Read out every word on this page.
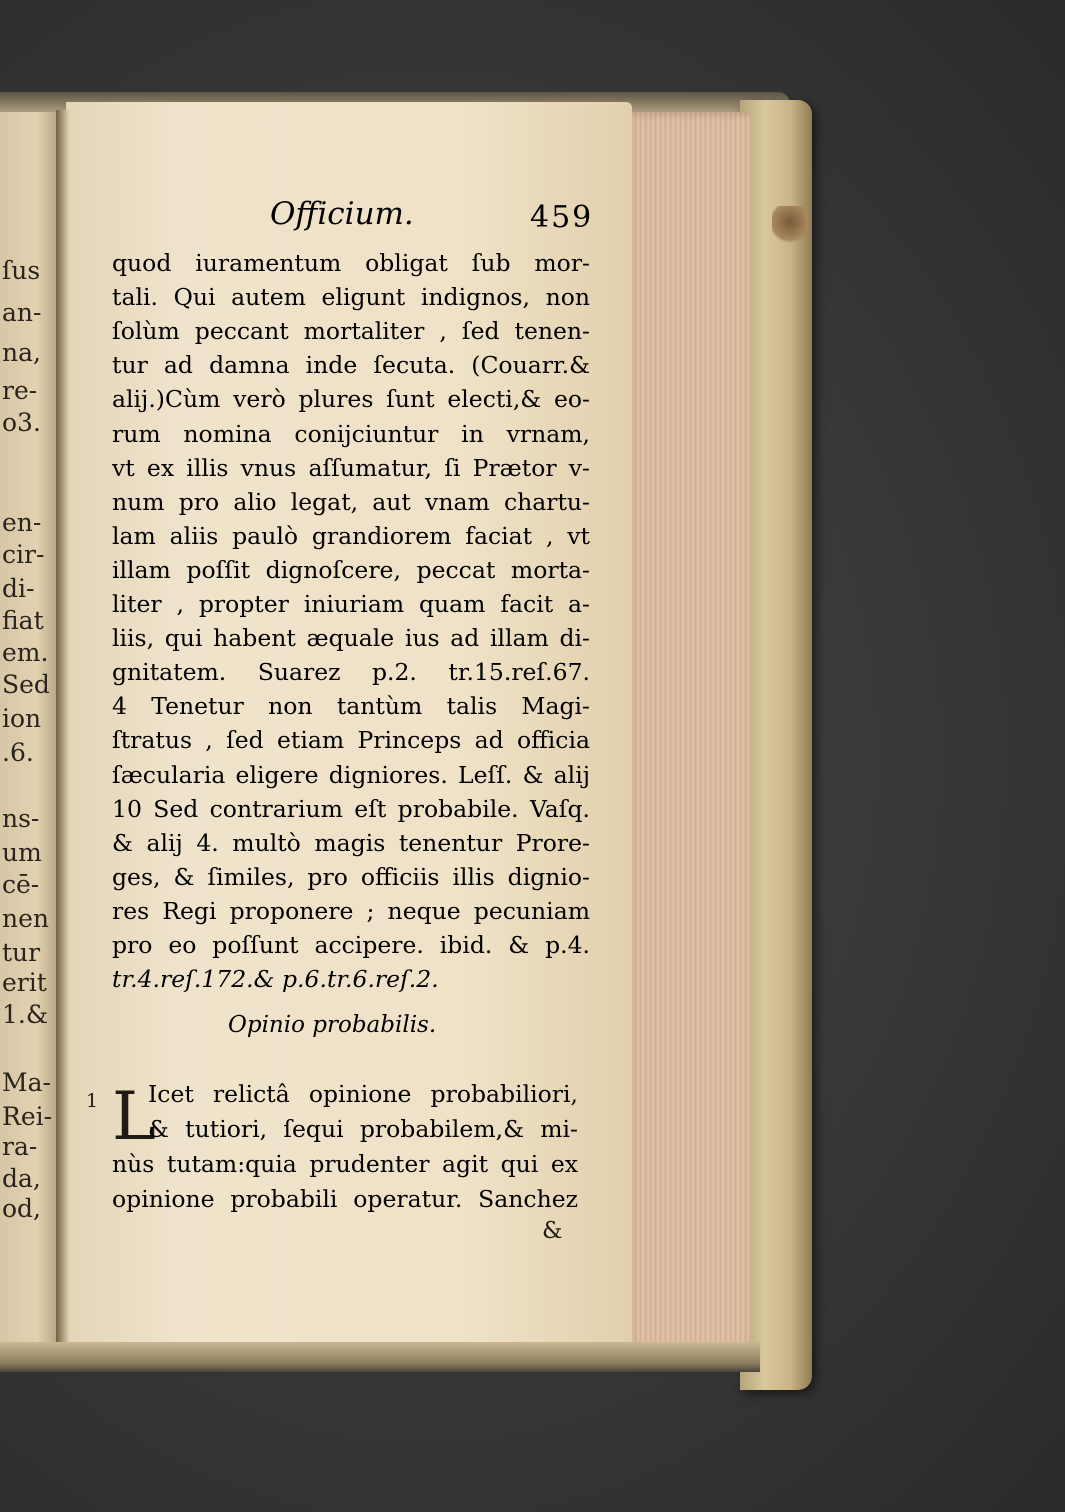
ſus
an-
na,
re-
o3.
en-
cir-
di-
fiat
em.
Sed
ion
.6.
ns-
um
cē-
nen
tur
erit
1.&
Ma-
Rei-
ra-
da,
od,
Officium.	459
quod iuramentum obligat ſub mor-
tali. Qui autem eligunt indignos, non
ſolùm peccant mortaliter , ſed tenen-
tur ad damna inde ſecuta. (Couarr.&
alij.)Cùm verò plures ſunt electi,& eo-
rum nomina conijciuntur in vrnam,
vt ex illis vnus aſſumatur, ſi Prætor v-
num pro alio legat, aut vnam chartu-
lam aliis paulò grandiorem faciat , vt
illam poſſit dignoſcere, peccat morta-
liter , propter iniuriam quam facit a-
liis, qui habent æquale ius ad illam di-
gnitatem. Suarez p.2. tr.15.reſ.67.
4 Tenetur non tantùm talis Magi-
ſtratus , ſed etiam Princeps ad officia
ſæcularia eligere digniores. Leſſ. & alij
10 Sed contrarium eſt probabile. Vaſq.
& alij 4. multò magis tenentur Prore-
ges, & ſimiles, pro officiis illis dignio-
res Regi proponere ; neque pecuniam
pro eo poſſunt accipere. ibid. & p.4.
tr.4.reſ.172.& p.6.tr.6.reſ.2.
Opinio probabilis.
1 L
Icet relictâ opinione probabiliori,
& tutiori, ſequi probabilem,& mi-
nùs tutam:quia prudenter agit qui ex
opinione probabili operatur. Sanchez
&
